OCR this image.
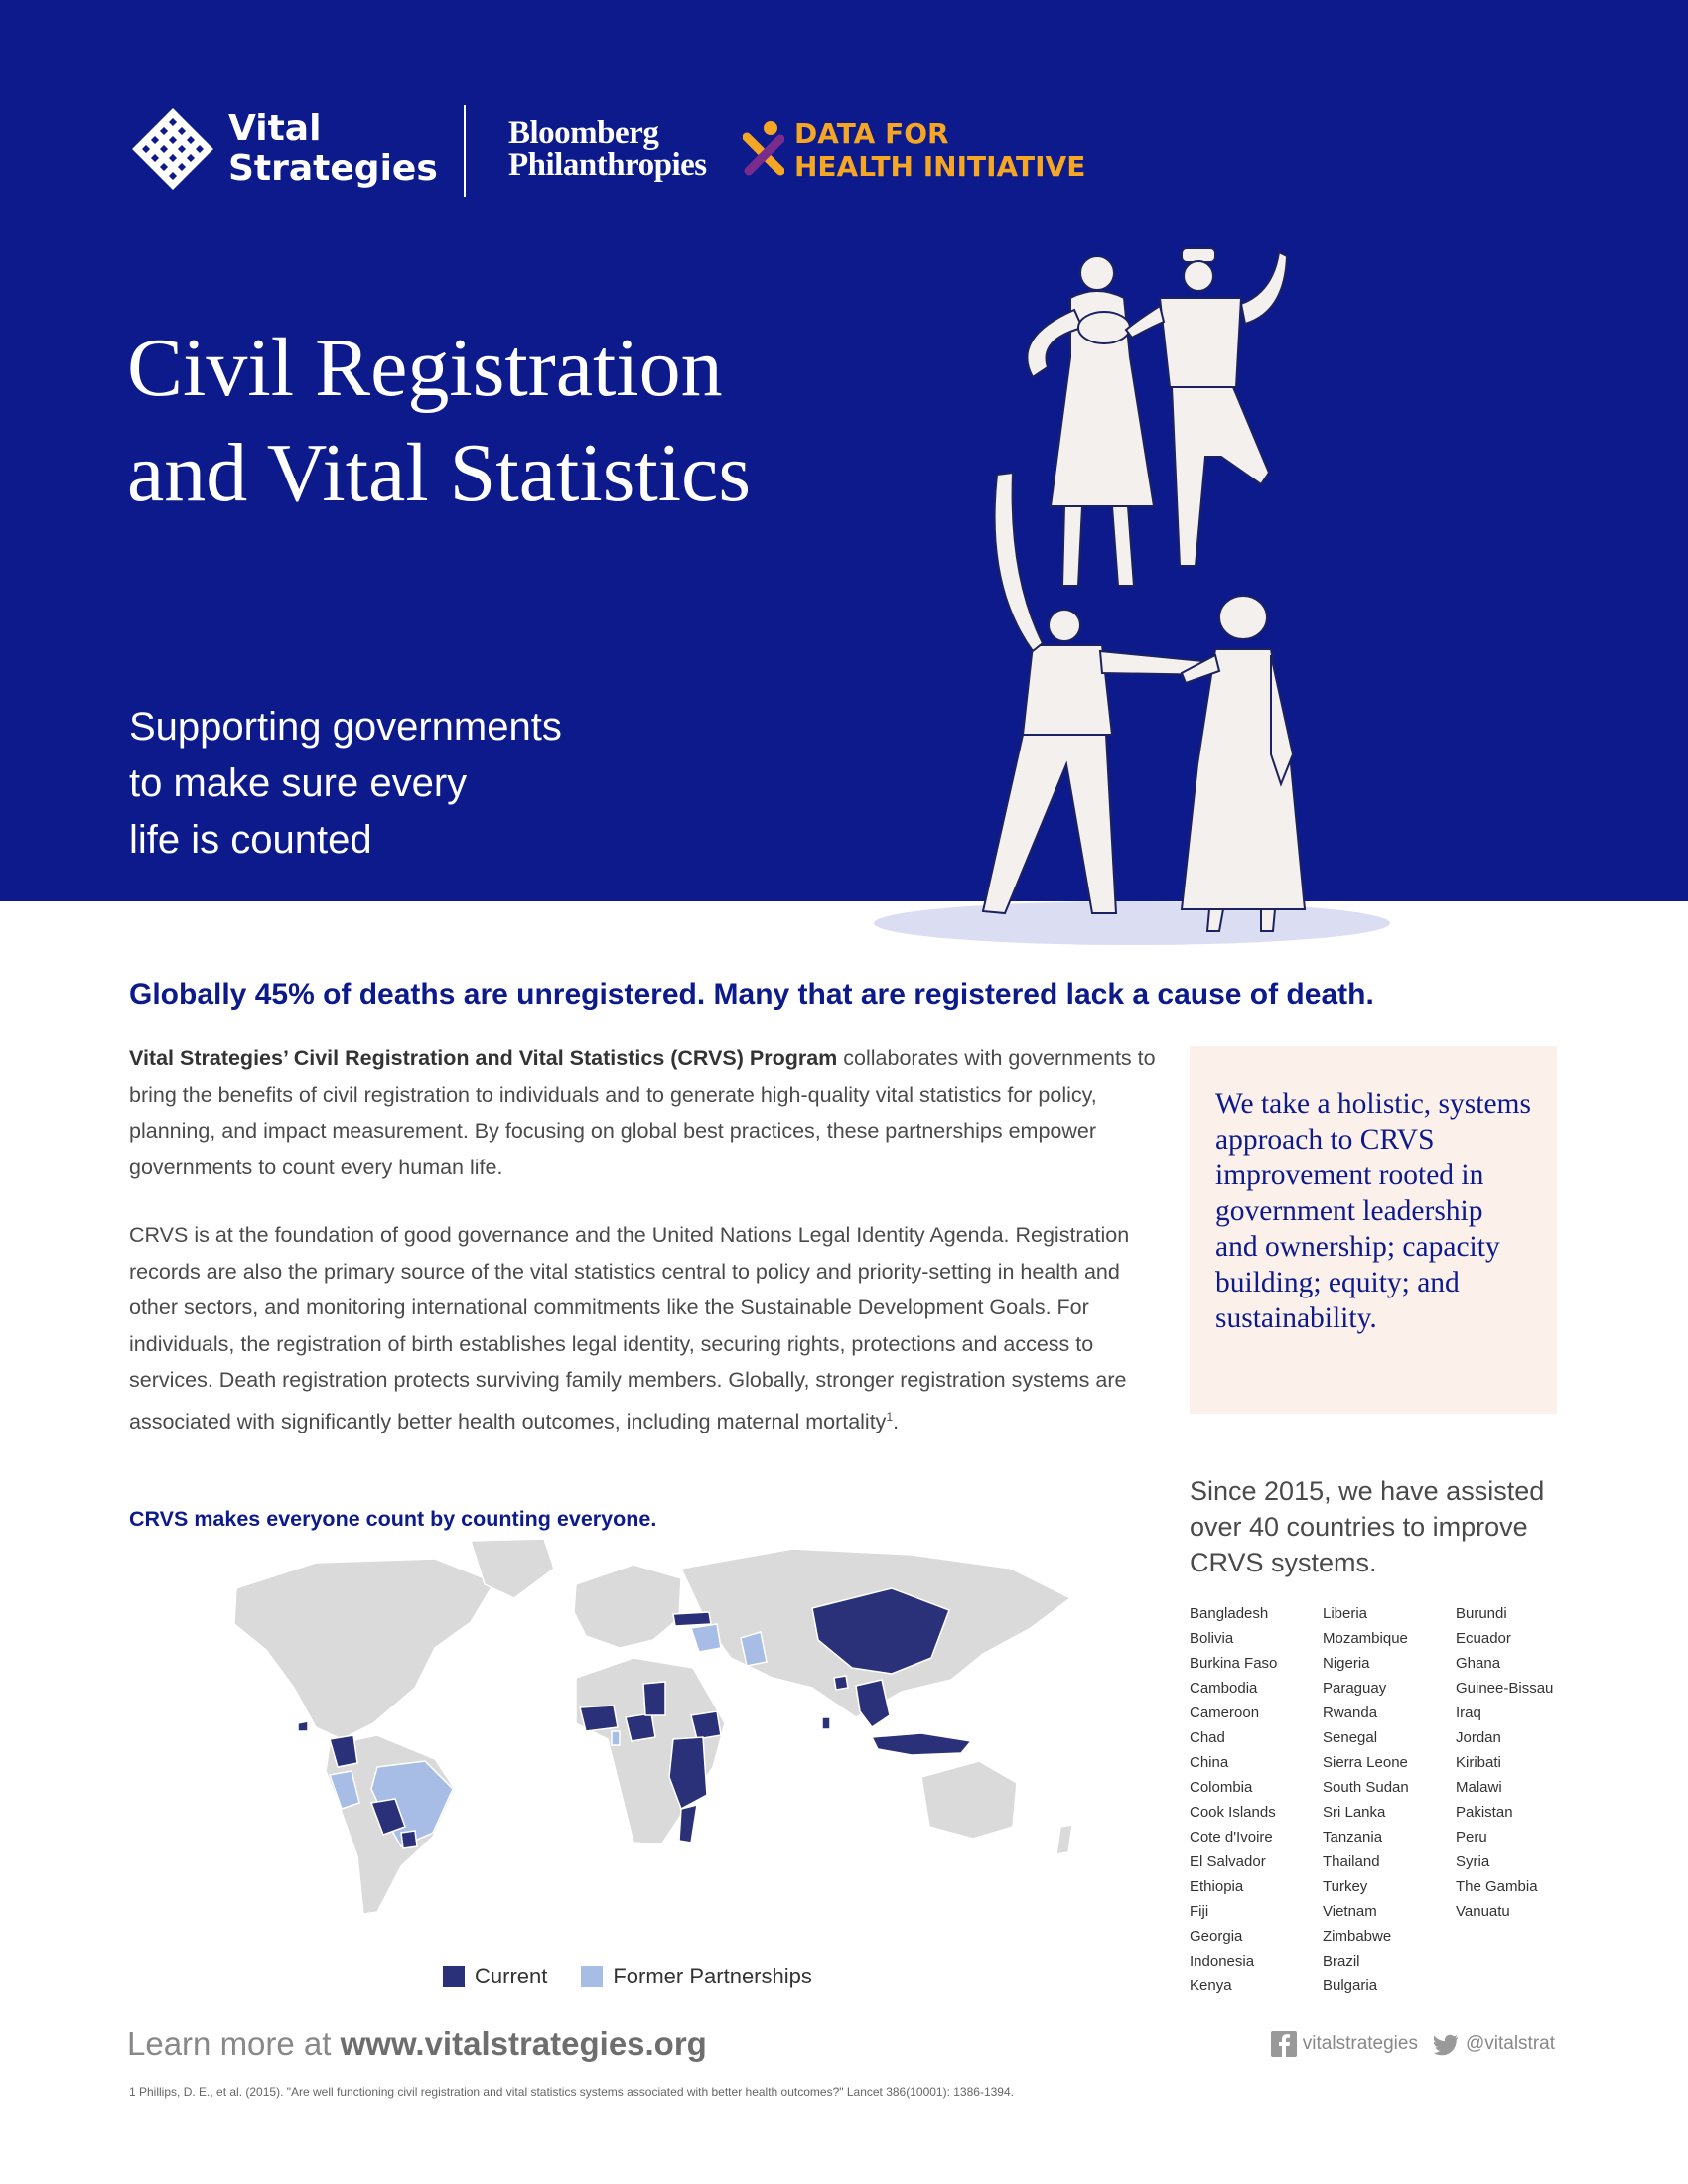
Vital
Strategies
Bloomberg
Philanthropies
DATA FOR
HEALTH INITIATIVE
Civil Registration
and Vital Statistics

Supporting governments
to make sure every
life is counted

Globally 45% of deaths are unregistered. Many that are registered lack a cause of death.

Vital Strategies’ Civil Registration and Vital Statistics (CRVS) Program collaborates with governments to bring the benefits of civil registration to individuals and to generate high-quality vital statistics for policy, planning, and impact measurement. By focusing on global best practices, these partnerships empower governments to count every human life.

CRVS is at the foundation of good governance and the United Nations Legal Identity Agenda. Registration records are also the primary source of the vital statistics central to policy and priority-setting in health and other sectors, and monitoring international commitments like the Sustainable Development Goals. For individuals, the registration of birth establishes legal identity, securing rights, protections and access to services. Death registration protects surviving family members. Globally, stronger registration systems are associated with significantly better health outcomes, including maternal mortality$^1$.

We take a holistic, systems approach to CRVS improvement rooted in government leadership and ownership; capacity building; equity; and sustainability.

CRVS makes everyone count by counting everyone.

Current	Former Partnerships

Since 2015, we have assisted over 40 countries to improve CRVS systems.

Bangladesh
Bolivia
Burkina Faso
Cambodia
Cameroon
Chad
China
Colombia
Cook Islands
Cote d'Ivoire
El Salvador
Ethiopia
Fiji
Georgia
Indonesia
Kenya
Liberia
Mozambique
Nigeria
Paraguay
Rwanda
Senegal
Sierra Leone
South Sudan
Sri Lanka
Tanzania
Thailand
Turkey
Vietnam
Zimbabwe
Brazil
Bulgaria
Burundi
Ecuador
Ghana
Guinee-Bissau
Iraq
Jordan
Kiribati
Malawi
Pakistan
Peru
Syria
The Gambia
Vanuatu

Learn more at www.vitalstrategies.org	vitalstrategies	@vitalstrat

1 Phillips, D. E., et al. (2015). "Are well functioning civil registration and vital statistics systems associated with better health outcomes?" Lancet 386(10001): 1386-1394.
